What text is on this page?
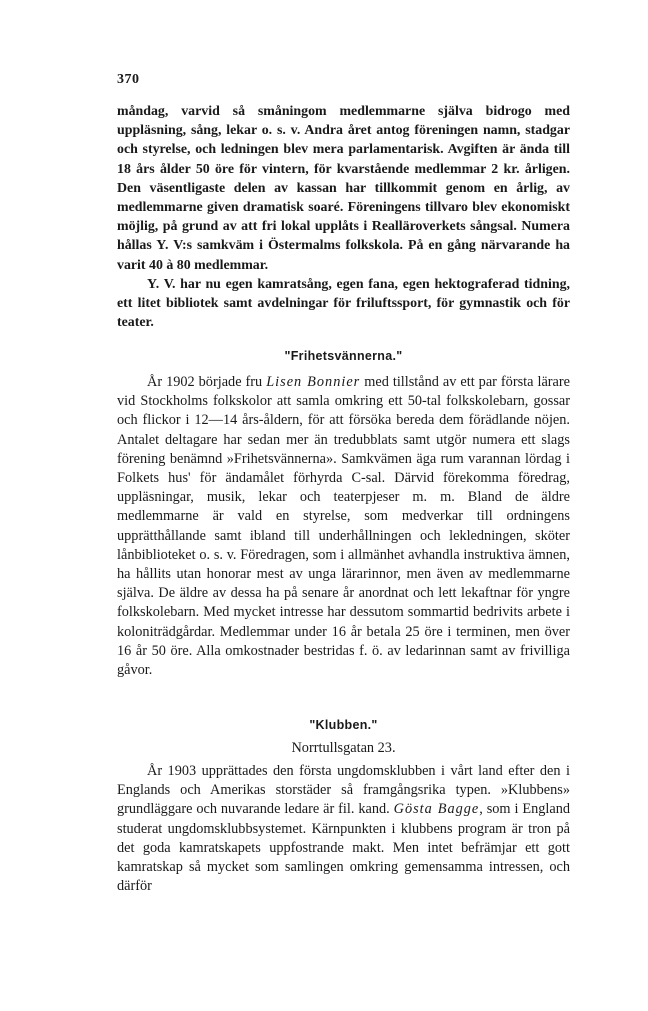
370

måndag, varvid så småningom medlemmarne själva bidrogo med uppläsning, sång, lekar o. s. v. Andra året antog föreningen namn, stadgar och styrelse, och ledningen blev mera parlamentarisk. Avgiften är ända till 18 års ålder 50 öre för vintern, för kvarstående medlemmar 2 kr. årligen. Den väsentligaste delen av kassan har tillkommit genom en årlig, av medlemmarne given dramatisk soaré. Föreningens tillvaro blev ekonomiskt möjlig, på grund av att fri lokal upplåts i Realläroverkets sångsal. Numera hållas Y. V:s samkväm i Östermalms folkskola. På en gång närvarande ha varit 40 à 80 medlemmar.

Y. V. har nu egen kamratsång, egen fana, egen hektograferad tidning, ett litet bibliotek samt avdelningar för friluftssport, för gymnastik och för teater.

"Frihetsvännerna."

År 1902 började fru Lisen Bonnier med tillstånd av ett par första lärare vid Stockholms folkskolor att samla omkring ett 50-tal folkskolebarn, gossar och flickor i 12—14 års-åldern, för att försöka bereda dem förädlande nöjen. Antalet deltagare har sedan mer än tredubblats samt utgör numera ett slags förening benämnd »Frihetsvännerna». Samkvämen äga rum varannan lördag i Folkets hus' för ändamålet förhyrda C-sal. Därvid förekomma föredrag, uppläsningar, musik, lekar och teaterpjeser m. m. Bland de äldre medlemmarne är vald en styrelse, som medverkar till ordningens upprätthållande samt ibland till underhållningen och lekledningen, sköter lånbiblioteket o. s. v. Föredragen, som i allmänhet avhandla instruktiva ämnen, ha hållits utan honorar mest av unga lärarinnor, men även av medlemmarne själva. De äldre av dessa ha på senare år anordnat och lett lekaftnar för yngre folkskolebarn. Med mycket intresse har dessutom sommartid bedrivits arbete i koloniträdgårdar. Medlemmar under 16 år betala 25 öre i terminen, men över 16 år 50 öre. Alla omkostnader bestridas f. ö. av ledarinnan samt av frivilliga gåvor.

"Klubben."
Norrtullsgatan 23.

År 1903 upprättades den första ungdomsklubben i vårt land efter den i Englands och Amerikas storstäder så framgångsrika typen. »Klubbens» grundläggare och nuvarande ledare är fil. kand. Gösta Bagge, som i England studerat ungdomsklubbsystemet. Kärnpunkten i klubbens program är tron på det goda kamratskapets uppfostrande makt. Men intet befrämjar ett gott kamratskap så mycket som samlingen omkring gemensamma intressen, och därför
